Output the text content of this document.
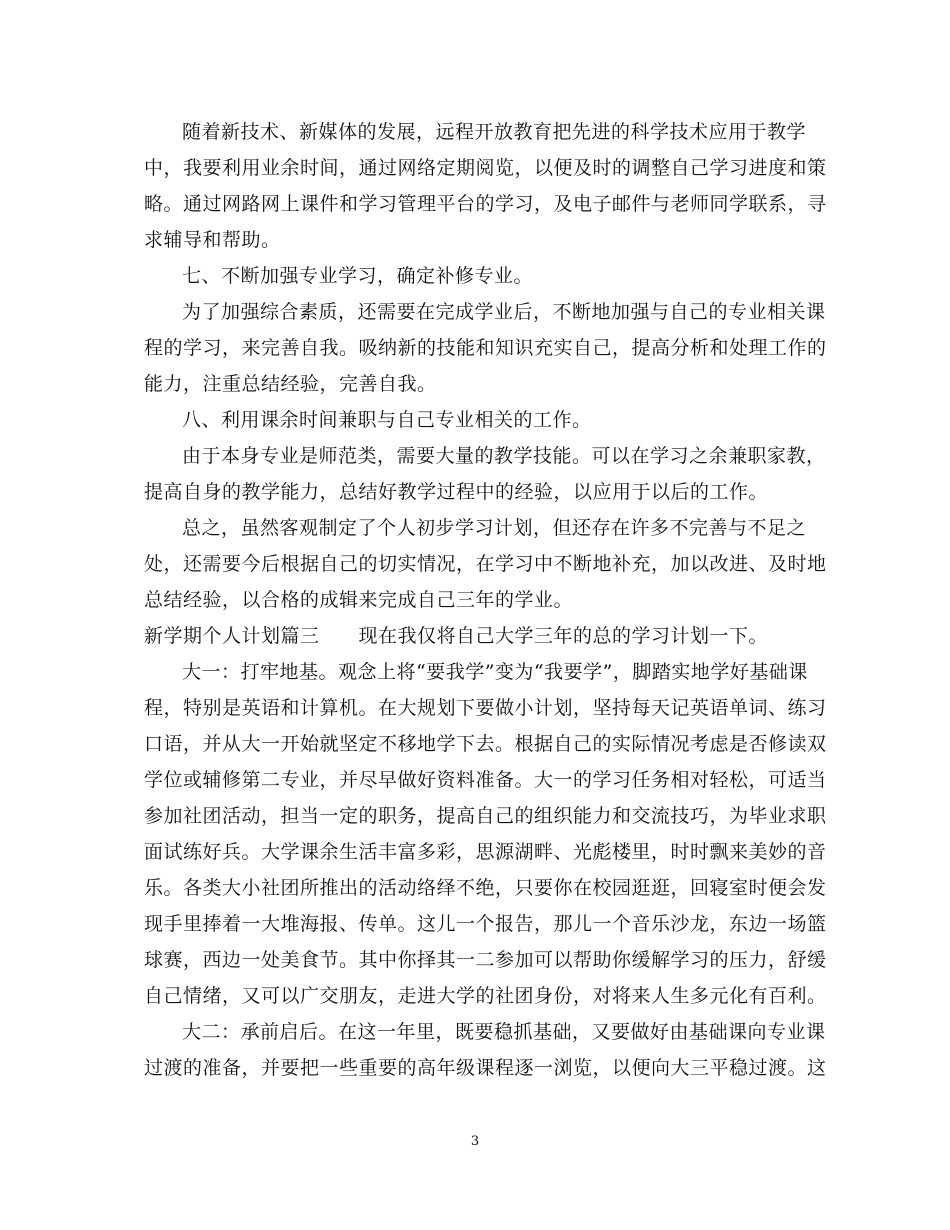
随着新技术、新媒体的发展，远程开放教育把先进的科学技术应用于教学
中，我要利用业余时间，通过网络定期阅览，以便及时的调整自己学习进度和策
略。通过网路网上课件和学习管理平台的学习，及电子邮件与老师同学联系，寻
求辅导和帮助。
七、不断加强专业学习，确定补修专业。
为了加强综合素质，还需要在完成学业后，不断地加强与自己的专业相关课
程的学习，来完善自我。吸纳新的技能和知识充实自己，提高分析和处理工作的
能力，注重总结经验，完善自我。
八、利用课余时间兼职与自己专业相关的工作。
由于本身专业是师范类，需要大量的教学技能。可以在学习之余兼职家教，
提高自身的教学能力，总结好教学过程中的经验，以应用于以后的工作。
总之，虽然客观制定了个人初步学习计划，但还存在许多不完善与不足之
处，还需要今后根据自己的切实情况，在学习中不断地补充，加以改进、及时地
总结经验，以合格的成辑来完成自己三年的学业。
新学期个人计划篇三　　现在我仅将自己大学三年的总的学习计划一下。
大一：打牢地基。观念上将“要我学”变为“我要学”，脚踏实地学好基础课
程，特别是英语和计算机。在大规划下要做小计划，坚持每天记英语单词、练习
口语，并从大一开始就坚定不移地学下去。根据自己的实际情况考虑是否修读双
学位或辅修第二专业，并尽早做好资料准备。大一的学习任务相对轻松，可适当
参加社团活动，担当一定的职务，提高自己的组织能力和交流技巧，为毕业求职
面试练好兵。大学课余生活丰富多彩，思源湖畔、光彪楼里，时时飘来美妙的音
乐。各类大小社团所推出的活动络绎不绝，只要你在校园逛逛，回寝室时便会发
现手里捧着一大堆海报、传单。这儿一个报告，那儿一个音乐沙龙，东边一场篮
球赛，西边一处美食节。其中你择其一二参加可以帮助你缓解学习的压力，舒缓
自己情绪，又可以广交朋友，走进大学的社团身份，对将来人生多元化有百利。
大二：承前启后。在这一年里，既要稳抓基础，又要做好由基础课向专业课
过渡的准备，并要把一些重要的高年级课程逐一浏览，以便向大三平稳过渡。这
3
